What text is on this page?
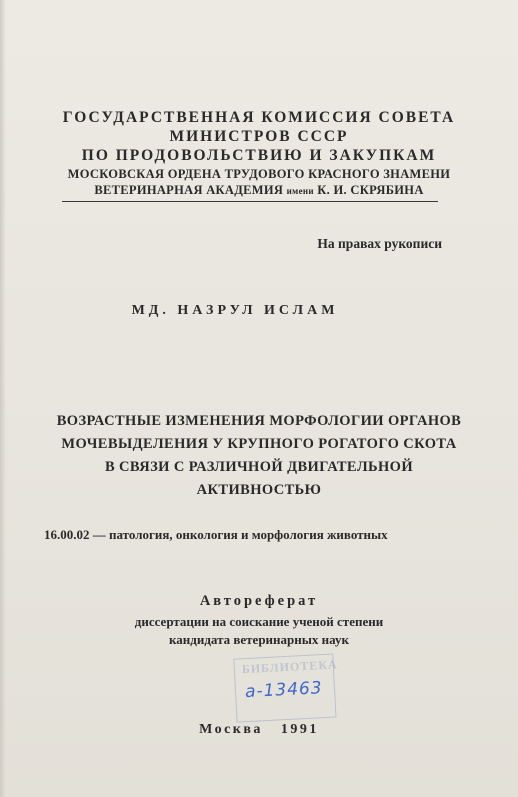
ГОСУДАРСТВЕННАЯ КОМИССИЯ СОВЕТА
МИНИСТРОВ СССР
ПО ПРОДОВОЛЬСТВИЮ И ЗАКУПКАМ
МОСКОВСКАЯ ОРДЕНА ТРУДОВОГО КРАСНОГО ЗНАМЕНИ
ВЕТЕРИНАРНАЯ АКАДЕМИЯ имени К. И. СКРЯБИНА
На правах рукописи
МД. НАЗРУЛ ИСЛАМ
ВОЗРАСТНЫЕ ИЗМЕНЕНИЯ МОРФОЛОГИИ ОРГАНОВ
МОЧЕВЫДЕЛЕНИЯ У КРУПНОГО РОГАТОГО СКОТА
В СВЯЗИ С РАЗЛИЧНОЙ ДВИГАТЕЛЬНОЙ
АКТИВНОСТЬЮ
16.00.02 — патология, онкология и морфология животных
Автореферат
диссертации на соискание ученой степени
кандидата ветеринарных наук
БИБЛИОТЕКА
а-13463
Москва   1991
